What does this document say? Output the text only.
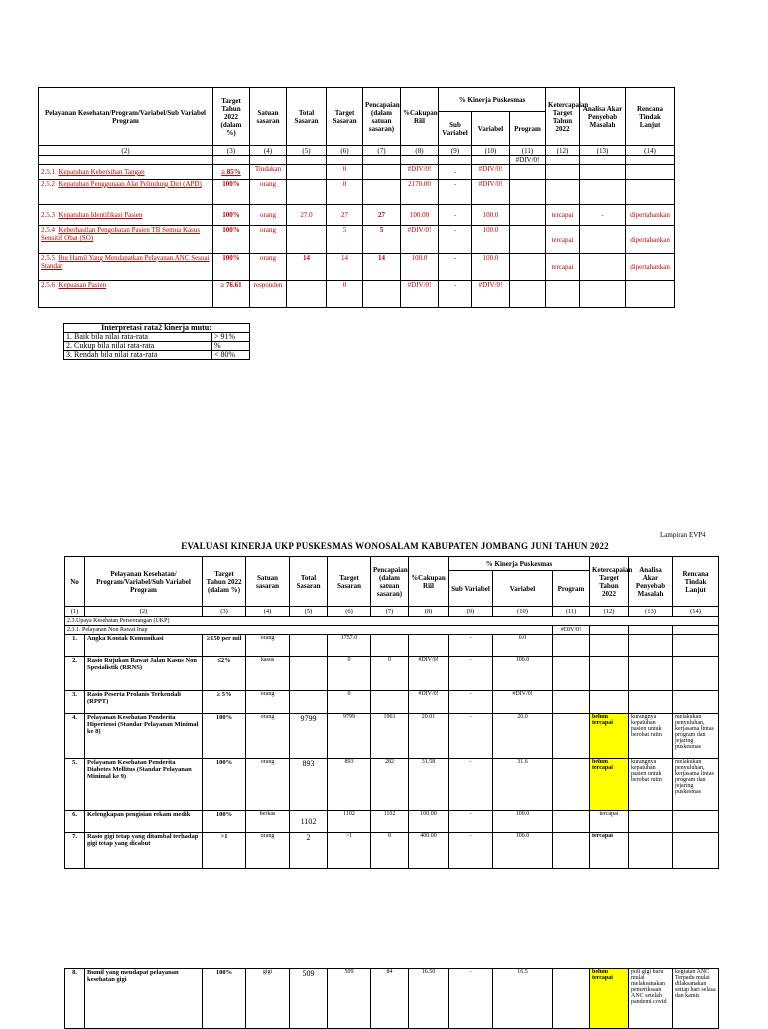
Pelayanan Kesehatan/Program/Variabel/Sub Variabel Program	Target Tahun 2022 (dalam %)	Satuan sasaran	Total Sasaran	Target Sasaran	Pencapaian (dalam satuan sasaran)	%Cakupan Riil	% Kinerja Puskesmas			Ketercapaian Target Tahun 2022	Analisa Akar Penyebab Masalah	Rencana Tindak Lanjut
							Sub Variabel	Variabel	Program			
(2)	(3)	(4)	(5)	(6)	(7)	(8)	(9)	(10)	(11)	(12)	(13)	(14)
									#DIV/0!			
2.5.1 Kepatuhan Kebersihan Tangan	≥ 85%	Tindakan		0		#DIV/0!	-	#DIV/0!				
2.5.2 Kepatuhan Penggunaan Alat Pelindung Diri (APD)	100%	orang		0		2170.00	-	#DIV/0!				
2.5.3 Kepatuhan Identifikasi Pasien	100%	orang	27.0	27	27	100.00	-	100.0		tercapai	-	dipertahankan
2.5.4 Keberhasilan Pengobatan Pasien TB Semua Kasus Sensitif Obat (SO)	100%	orang		5	5	#DIV/0!	-	100.0		tercapai		dipertahankan
2.5.5 Ibu Hamil Yang Mendapatkan Pelayanan ANC Sesuai Standar	100%	orang	14	14	14	100.0	-	100.0		tercapai		dipertahankan
2.5.6 Kepuasan Pasien	≥ 76.61	responden		0		#DIV/0!	-	#DIV/0!				
Interpretasi rata2 kinerja mutu:	
1. Baik bila nilai rata-rata	> 91%
2. Cukup bila nilai rata-rata	%
3. Rendah bila nilai rata-rata	< 80%
Lampiran EVP4
EVALUASI KINERJA UKP PUSKESMAS WONOSALAM KABUPATEN JOMBANG JUNI TAHUN 2022
No	Pelayanan Kesehatan/ Program/Variabel/Sub Variabel Program	Target Tahun 2022 (dalam %)	Satuan sasaran	Total Sasaran	Target Sasaran	Pencapaian (dalam satuan sasaran)	%Cakupan Riil	% Kinerja Puskesmas			Ketercapaian Target Tahun 2022	Analisa Akar Penyebab Masalah	Rencana Tindak Lanjut
								Sub Variabel	Variabel	Program			
(1)	(2)	(3)	(4)	(5)	(6)	(7)	(8)	(9)	(10)	(11)	(12)	(13)	(14)
2.3.Upaya Kesehatan Perseorangan (UKP)													
2.3.1. Pelayanan Non Rawat Inap										#DIV/0!			
1.	Angka Kontak Komunikasi	≥150 per mil	orang		1757.0			-	0.0				
2.	Rasio Rujukan Rawat Jalan Kasus Non Spesialistik (RRNS)	≤2%	kasus		0	0	#DIV/0!	-	100.0				
3.	Rasio Peserta Prolanis Terkendali (RPPT)	≥ 5%	orang		0		#DIV/0!	-	#DIV/0!				
4.	Pelayanan Kesehatan Penderita Hipertensi (Standar Pelayanan Minimal ke 8)	100%	orang	9799	9799	1961	20.01	-	20.0		belum tercapai	kurangnya kepatuhan pasien untuk berobat rutin	melakukan penyuluhan, kerjasama lintas program dan jejaring puskesmas
5.	Pelayanan Kesehatan Penderita Diabetes Mellitus (Standar Pelayanan Minimal ke 9)	100%	orang	893	893	282	31.58	-	31.6		belum tercapai	kurangnya kepatuhan pasien untuk berobat rutin	melakukan penyuluhan, kerjasama lintas program dan jejaring puskesmas
6.	Kelengkapan pengisian rekam medik	100%	berkas	1102	1102	1102	100.00	-	100.0		tercapai		
7.	Rasio gigi tetap yang ditambal terhadap gigi tetap yang dicabut	>1	orang	2	>1	8	400.00	-	100.0		tercapai		
8.	Bumil yang mendapat pelayanan kesehatan gigi	100%	gigi	509	509	84	16.50	-	16.5		belum tercapai	poli gigi baru mulai melaksanakan pemeriksaan ANC setelah pandemi covid	kegiatan ANC Terpadu mulai dilaksanakan setiap hari selasa dan kamis
